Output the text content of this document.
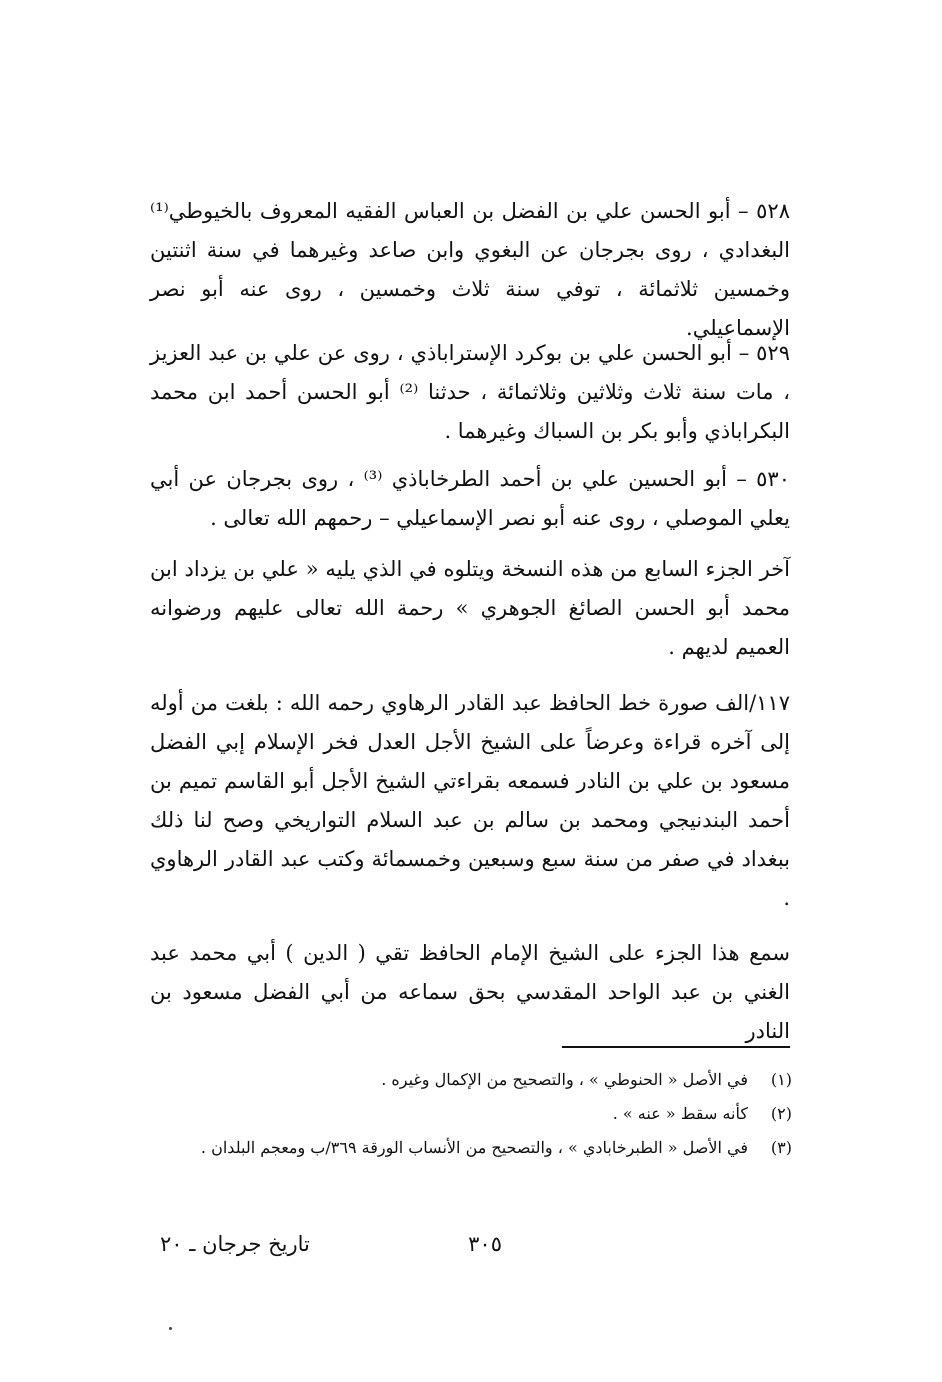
٥٢٨ – أبو الحسن علي بن الفضل بن العباس الفقيه المعروف بالخيوطي⁽¹⁾ البغدادي ، روى بجرجان عن البغوي وابن صاعد وغيرهما في سنة اثنتين وخمسين ثلاثمائة ، توفي سنة ثلاث وخمسين ، روى عنه أبو نصر الإسماعيلي.
٥٢٩ – أبو الحسن علي بن بوكرد الإستراباذي ، روى عن علي بن عبد العزيز ، مات سنة ثلاث وثلاثين وثلاثمائة ، حدثنا ⁽²⁾ أبو الحسن أحمد ابن محمد البكراباذي وأبو بكر بن السباك وغيرهما .
٥٣٠ – أبو الحسين علي بن أحمد الطرخاباذي ⁽³⁾ ، روى بجرجان عن أبي يعلي الموصلي ، روى عنه أبو نصر الإسماعيلي – رحمهم الله تعالى .
آخر الجزء السابع من هذه النسخة ويتلوه في الذي يليه « علي بن يزداد ابن محمد أبو الحسن الصائغ الجوهري » رحمة الله تعالى عليهم ورضوانه العميم لديهم .
١١٧/الف صورة خط الحافظ عبد القادر الرهاوي رحمه الله : بلغت من أوله إلى آخره قراءة وعرضاً على الشيخ الأجل العدل فخر الإسلام إبي الفضل مسعود بن علي بن النادر فسمعه بقراءتي الشيخ الأجل أبو القاسم تميم بن أحمد البندنيجي ومحمد بن سالم بن عبد السلام التواريخي وصح لنا ذلك ببغداد في صفر من سنة سبع وسبعين وخمسمائة وكتب عبد القادر الرهاوي .
سمع هذا الجزء على الشيخ الإمام الحافظ تقي ( الدين ) أبي محمد عبد الغني بن عبد الواحد المقدسي بحق سماعه من أبي الفضل مسعود بن النادر
(١)
في الأصل « الحنوطي » ، والتصحيح من الإكمال وغيره .
(٢)
كأنه سقط « عنه » .
(٣)
في الأصل « الطبرخابادي » ، والتصحيح من الأنساب الورقة ٣٦٩/ب ومعجم البلدان .
٣٠٥
تاريخ جرجان ـ ٢٠
